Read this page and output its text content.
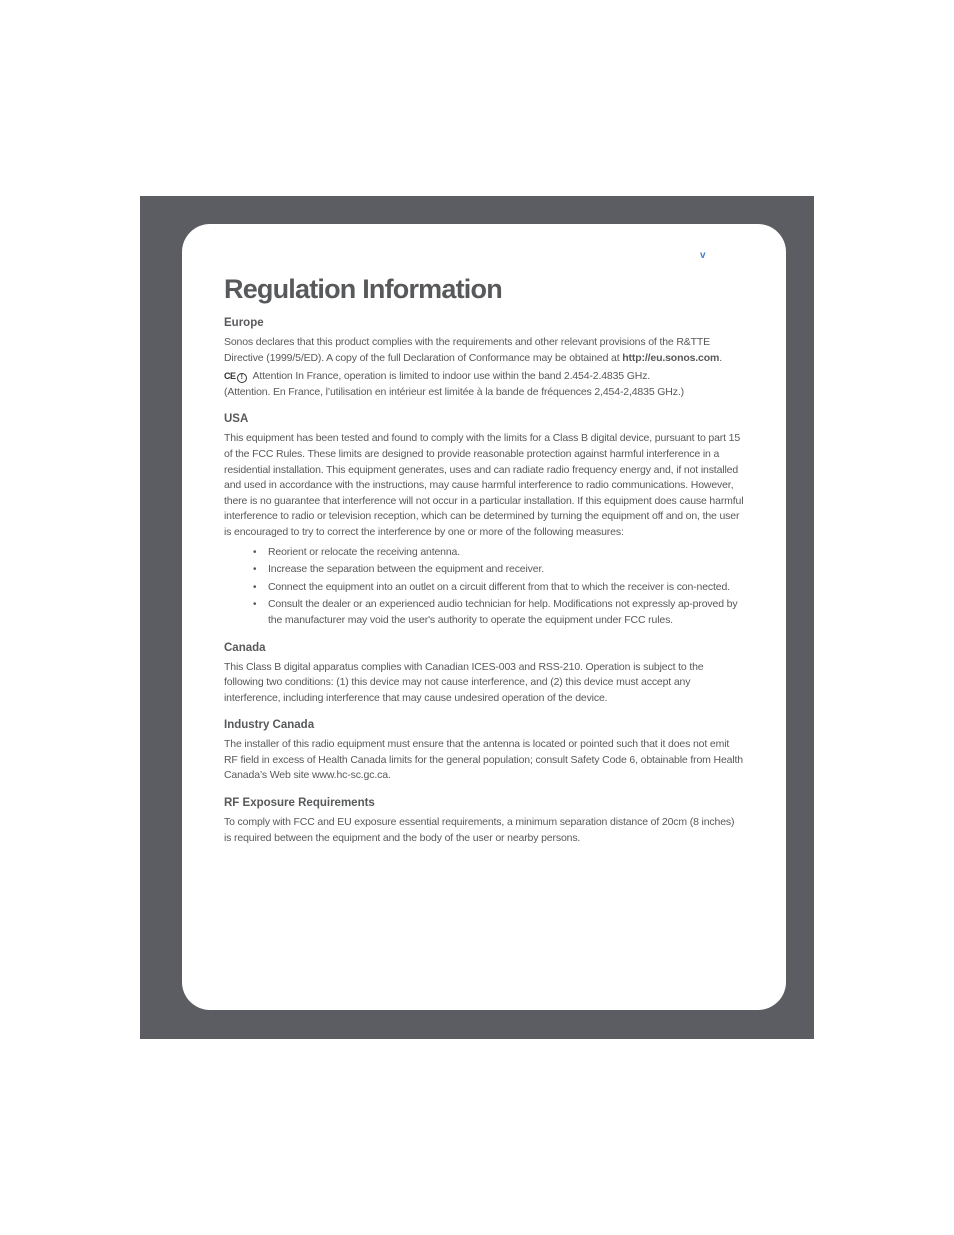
v
Regulation Information
Europe

Sonos declares that this product complies with the requirements and other relevant provisions of the R&TTE Directive (1999/5/ED). A copy of the full Declaration of Conformance may be obtained at http://eu.sonos.com.

CE ! Attention In France, operation is limited to indoor use within the band 2.454-2.4835 GHz.
(Attention. En France, l’utilisation en intérieur est limitée à la bande de fréquences 2,454-2,4835 GHz.)

USA

This equipment has been tested and found to comply with the limits for a Class B digital device, pursuant to part 15 of the FCC Rules. These limits are designed to provide reasonable protection against harmful interference in a residential installation. This equipment generates, uses and can radiate radio frequency energy and, if not installed and used in accordance with the instructions, may cause harmful interference to radio communications. However, there is no guarantee that interference will not occur in a particular installation. If this equipment does cause harmful interference to radio or television reception, which can be determined by turning the equipment off and on, the user is encouraged to try to correct the interference by one or more of the following measures:

• Reorient or relocate the receiving antenna.
• Increase the separation between the equipment and receiver.
• Connect the equipment into an outlet on a circuit different from that to which the receiver is con-nected.
• Consult the dealer or an experienced audio technician for help. Modifications not expressly ap-proved by the manufacturer may void the user's authority to operate the equipment under FCC rules.
Canada

This Class B digital apparatus complies with Canadian ICES-003 and RSS-210. Operation is subject to the following two conditions: (1) this device may not cause interference, and (2) this device must accept any interference, including interference that may cause undesired operation of the device.

Industry Canada

The installer of this radio equipment must ensure that the antenna is located or pointed such that it does not emit RF field in excess of Health Canada limits for the general population; consult Safety Code 6, obtainable from Health Canada’s Web site www.hc-sc.gc.ca.

RF Exposure Requirements

To comply with FCC and EU exposure essential requirements, a minimum separation distance of 20cm (8 inches) is required between the equipment and the body of the user or nearby persons.
